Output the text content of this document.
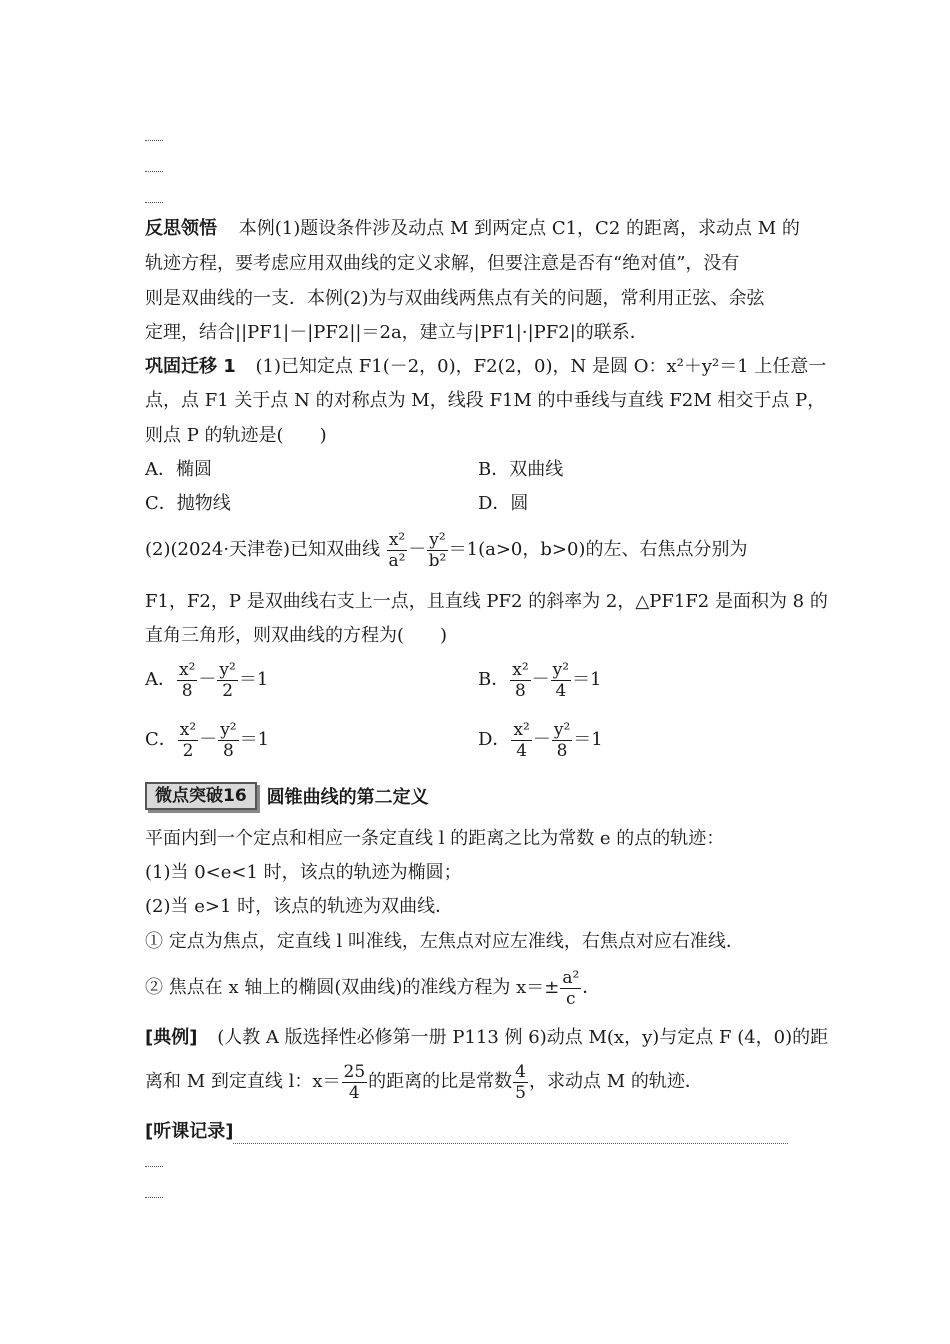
反思领悟 本例(1)题设条件涉及动点 M 到两定点 C1，C2 的距离，求动点 M 的
轨迹方程，要考虑应用双曲线的定义求解，但要注意是否有“绝对值”，没有
则是双曲线的一支．本例(2)为与双曲线两焦点有关的问题，常利用正弦、余弦
定理，结合||PF1|－|PF2||＝2a，建立与|PF1|·|PF2|的联系．
巩固迁移 1 (1)已知定点 F1(－2，0)，F2(2，0)，N 是圆 O：x²＋y²＝1 上任意一
点，点 F1 关于点 N 的对称点为 M，线段 F1M 的中垂线与直线 F2M 相交于点 P，
则点 P 的轨迹是(　　)
A．椭圆	B．双曲线
C．抛物线	D．圆
(2)(2024·天津卷)已知双曲线 $\frac{\text{x²}}{\text{a²}} - \frac{\text{y²}}{\text{b²}} =1(a>0$，b>0)的左、右焦点分别为
F1，F2，P 是双曲线右支上一点，且直线 PF2 的斜率为 2，△PF1F2 是面积为 8 的
直角三角形，则双曲线的方程为(　　)
A． $\frac{\text{x²}}{8} - \frac{\text{y²}}{2} =1$	B． $\frac{\text{x²}}{8} - \frac{\text{y²}}{4} =1$
C． $\frac{\text{x²}}{2} - \frac{\text{y²}}{8} =1$	D． $\frac{\text{x²}}{4} - \frac{\text{y²}}{8} =1$
微点突破16	圆锥曲线的第二定义
平面内到一个定点和相应一条定直线 l 的距离之比为常数 e 的点的轨迹：
(1)当 0<e<1 时，该点的轨迹为椭圆；
(2)当 e>1 时，该点的轨迹为双曲线．
① 定点为焦点，定直线 l 叫准线，左焦点对应左准线，右焦点对应右准线．
② 焦点在 x 轴上的椭圆(双曲线)的准线方程为 $x=\pm \frac{\text{a²}}{c}$ ．
[典例] (人教 A 版选择性必修第一册 P113 例 6)动点 M(x，y)与定点 F (4，0)的距
离和 M 到定直线 l：$x= \frac{25}{4}$ 的距离的比是常数 $\frac{4}{5}$ ，求动点 M 的轨迹．
[听课记录]
